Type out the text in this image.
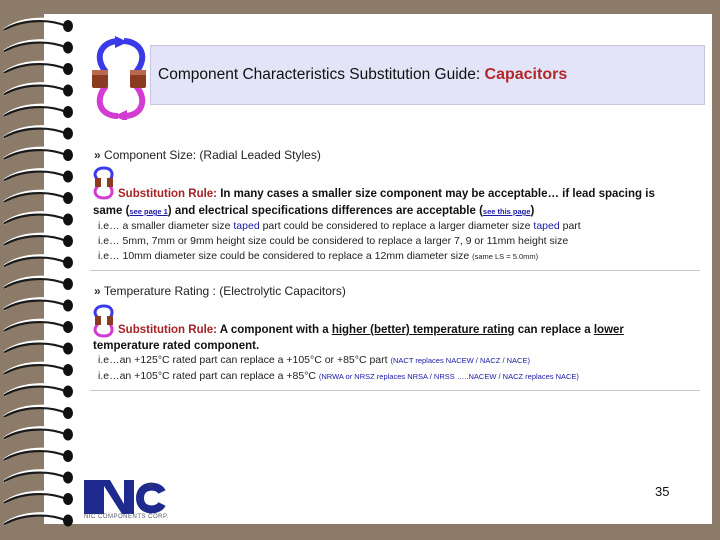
Component Characteristics Substitution Guide: Capacitors
» Component Size: (Radial Leaded Styles)
Substitution Rule: In many cases a smaller size component may be acceptable… if lead spacing is
same (see page 1) and electrical specifications differences are acceptable (see this page)
i.e… a smaller diameter size taped part could be considered to replace a larger diameter size taped part
i.e… 5mm, 7mm or 9mm height size could be considered to replace a larger 7, 9 or 11mm height size
i.e… 10mm diameter size could be considered to replace a 12mm diameter size (same LS = 5.0mm)
» Temperature Rating : (Electrolytic Capacitors)
Substitution Rule: A component with a higher (better) temperature rating can replace a lower
temperature rated component.
i.e…an +125°C rated part can replace a +105°C or +85°C part (NACT replaces NACEW / NACZ / NACE)
i.e…an +105°C rated part can replace a +85°C (NRWA or NRSZ replaces NRSA / NRSS …..NACEW / NACZ replaces NACE)
®
NIC COMPONENTS CORP.
35
